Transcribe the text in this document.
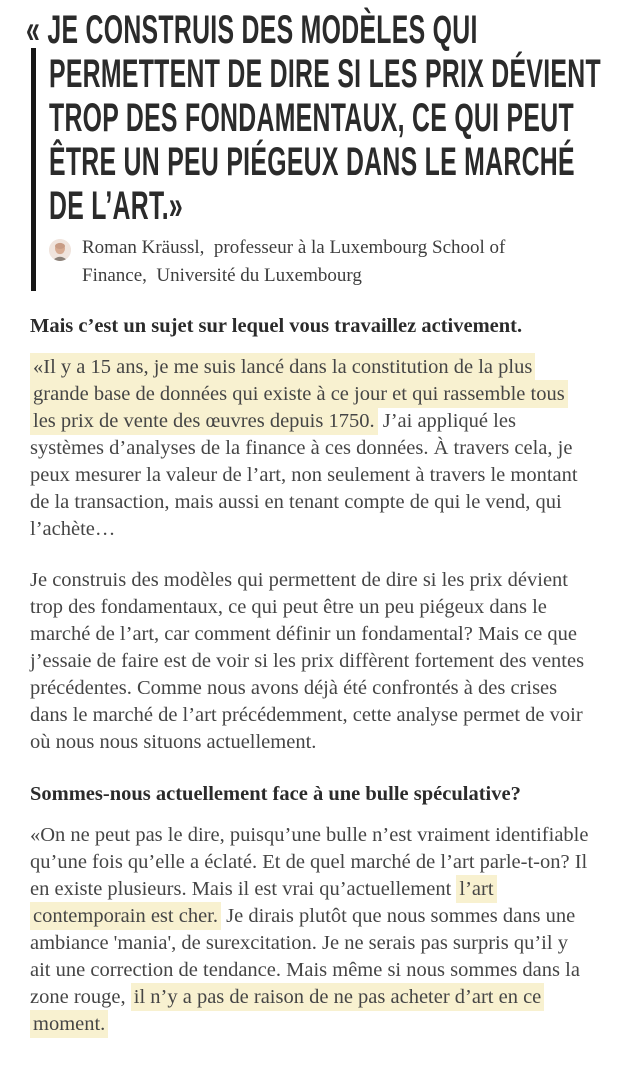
« JE CONSTRUIS DES MODÈLES QUI PERMETTENT DE DIRE SI LES PRIX DÉVIENT TROP DES FONDAMENTAUX, CE QUI PEUT ÊTRE UN PEU PIÉGEUX DANS LE MARCHÉ DE L’ART.»

Roman Kräussl,  professeur à la Luxembourg School of Finance,  Université du Luxembourg

Mais c’est un sujet sur lequel vous travaillez activement.

«Il y a 15 ans, je me suis lancé dans la constitution de la plus grande base de données qui existe à ce jour et qui rassemble tous les prix de vente des œuvres depuis 1750. J’ai appliqué les systèmes d’analyses de la finance à ces données. À travers cela, je peux mesurer la valeur de l’art, non seulement à travers le montant de la transaction, mais aussi en tenant compte de qui le vend, qui l’achète…

Je construis des modèles qui permettent de dire si les prix dévient trop des fondamentaux, ce qui peut être un peu piégeux dans le marché de l’art, car comment définir un fondamental? Mais ce que j’essaie de faire est de voir si les prix diffèrent fortement des ventes précédentes. Comme nous avons déjà été confrontés à des crises dans le marché de l’art précédemment, cette analyse permet de voir où nous nous situons actuellement.

Sommes-nous actuellement face à une bulle spéculative?

«On ne peut pas le dire, puisqu’une bulle n’est vraiment identifiable qu’une fois qu’elle a éclaté. Et de quel marché de l’art parle-t-on? Il en existe plusieurs. Mais il est vrai qu’actuellement l’art contemporain est cher. Je dirais plutôt que nous sommes dans une ambiance 'mania', de surexcitation. Je ne serais pas surpris qu’il y ait une correction de tendance. Mais même si nous sommes dans la zone rouge, il n’y a pas de raison de ne pas acheter d’art en ce moment.
